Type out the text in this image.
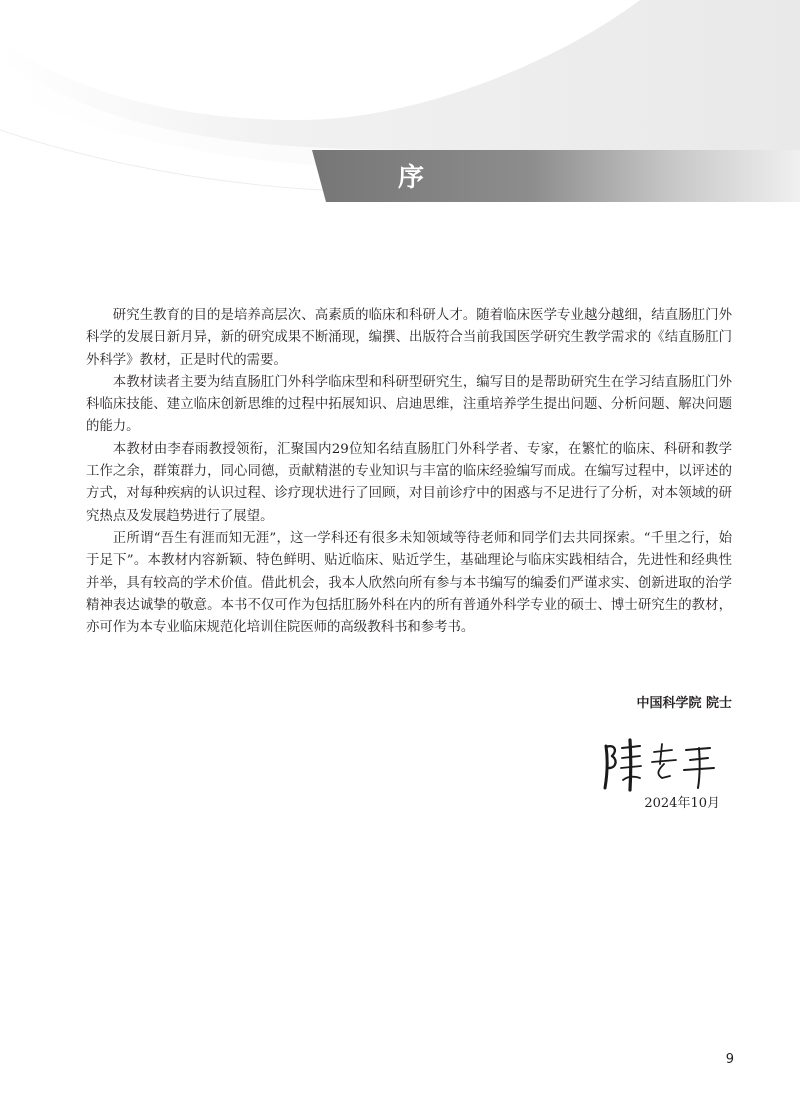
序

研究生教育的目的是培养高层次、高素质的临床和科研人才。随着临床医学专业越分越细，结直肠肛门外科学的发展日新月异，新的研究成果不断涌现，编撰、出版符合当前我国医学研究生教学需求的《结直肠肛门外科学》教材，正是时代的需要。

本教材读者主要为结直肠肛门外科学临床型和科研型研究生，编写目的是帮助研究生在学习结直肠肛门外科临床技能、建立临床创新思维的过程中拓展知识、启迪思维，注重培养学生提出问题、分析问题、解决问题的能力。

本教材由李春雨教授领衔，汇聚国内29位知名结直肠肛门外科学者、专家，在繁忙的临床、科研和教学工作之余，群策群力，同心同德，贡献精湛的专业知识与丰富的临床经验编写而成。在编写过程中，以评述的方式，对每种疾病的认识过程、诊疗现状进行了回顾，对目前诊疗中的困惑与不足进行了分析，对本领域的研究热点及发展趋势进行了展望。

正所谓“吾生有涯而知无涯”，这一学科还有很多未知领域等待老师和同学们去共同探索。“千里之行，始于足下”。本教材内容新颖、特色鲜明、贴近临床、贴近学生，基础理论与临床实践相结合，先进性和经典性并举，具有较高的学术价值。借此机会，我本人欣然向所有参与本书编写的编委们严谨求实、创新进取的治学精神表达诚挚的敬意。本书不仅可作为包括肛肠外科在内的所有普通外科学专业的硕士、博士研究生的教材，亦可作为本专业临床规范化培训住院医师的高级教科书和参考书。

中国科学院 院士
2024年10月
9
